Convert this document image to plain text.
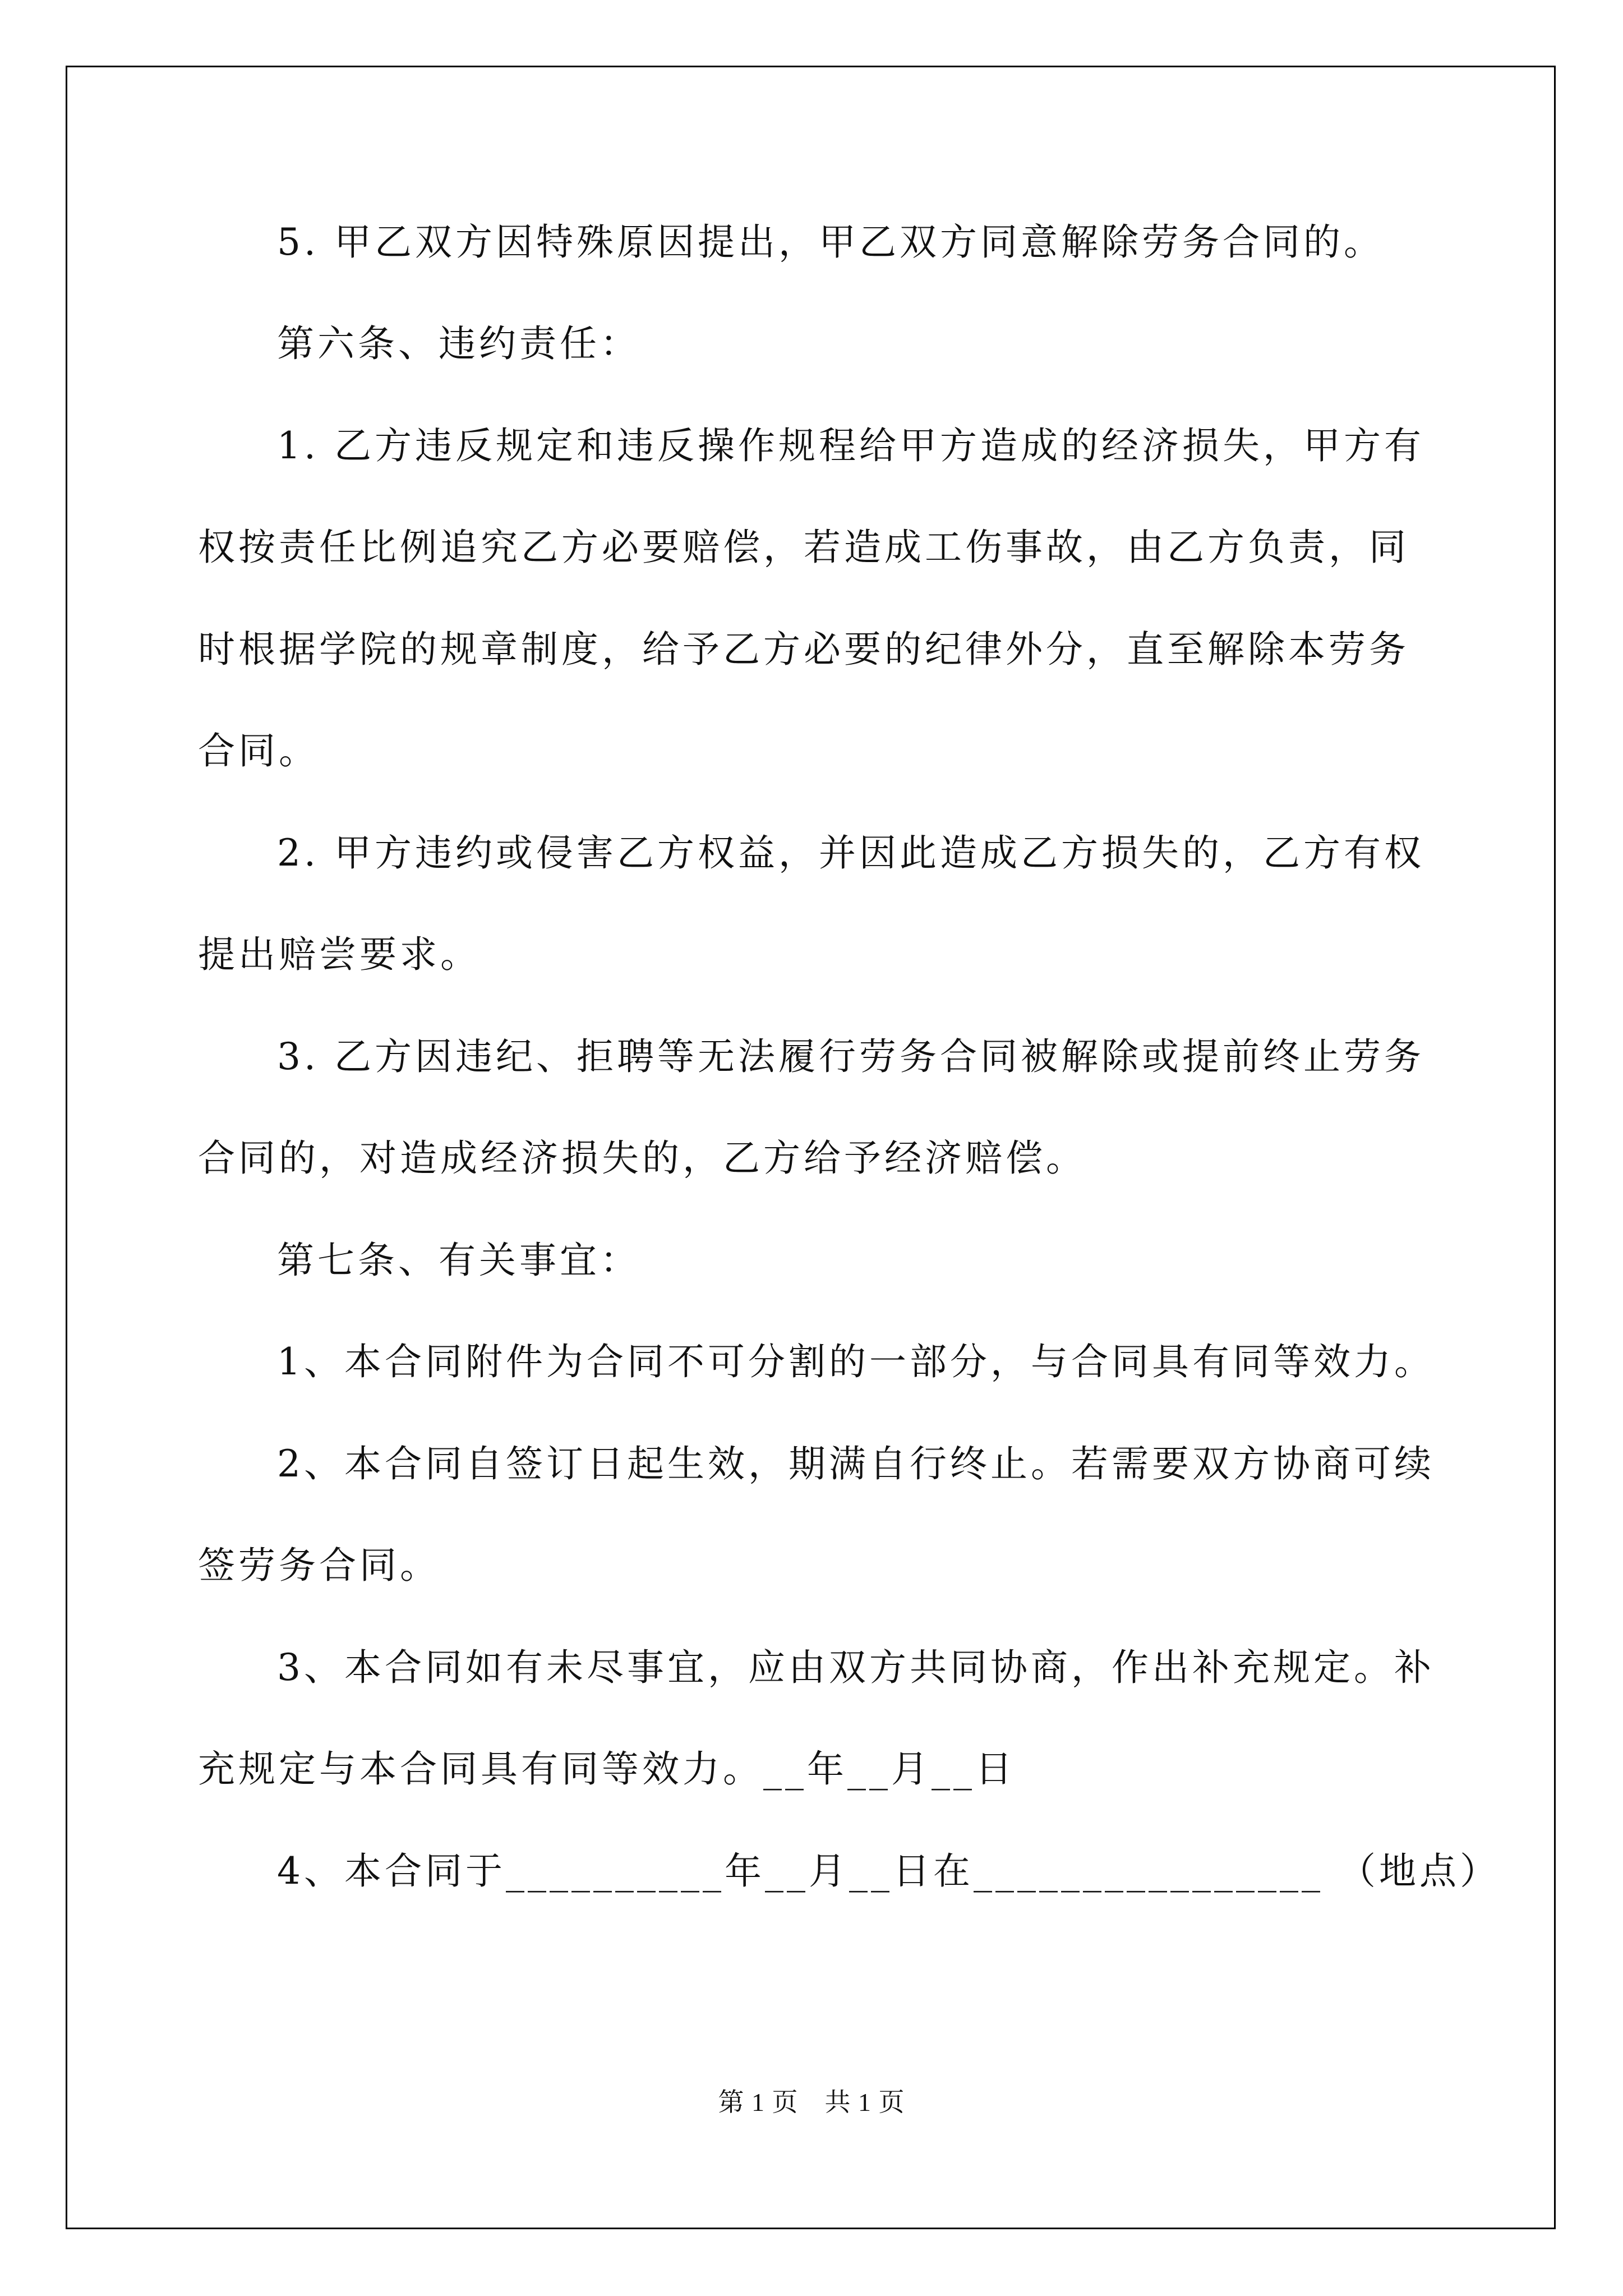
5. 甲乙双方因特殊原因提出，甲乙双方同意解除劳务合同的。
第六条、违约责任：
1. 乙方违反规定和违反操作规程给甲方造成的经济损失，甲方有
权按责任比例追究乙方必要赔偿，若造成工伤事故，由乙方负责，同
时根据学院的规章制度，给予乙方必要的纪律外分，直至解除本劳务
合同。
2. 甲方违约或侵害乙方权益，并因此造成乙方损失的，乙方有权
提出赔尝要求。
3. 乙方因违纪、拒聘等无法履行劳务合同被解除或提前终止劳务
合同的，对造成经济损失的，乙方给予经济赔偿。
第七条、有关事宜：
1、本合同附件为合同不可分割的一部分，与合同具有同等效力。
2、本合同自签订日起生效，期满自行终止。若需要双方协商可续
签劳务合同。
3、本合同如有未尽事宜，应由双方共同协商，作出补充规定。补
充规定与本合同具有同等效力。__年__月__日
4、本合同于__________年__月__日在________________ （地点）
第 1 页　共 1 页
